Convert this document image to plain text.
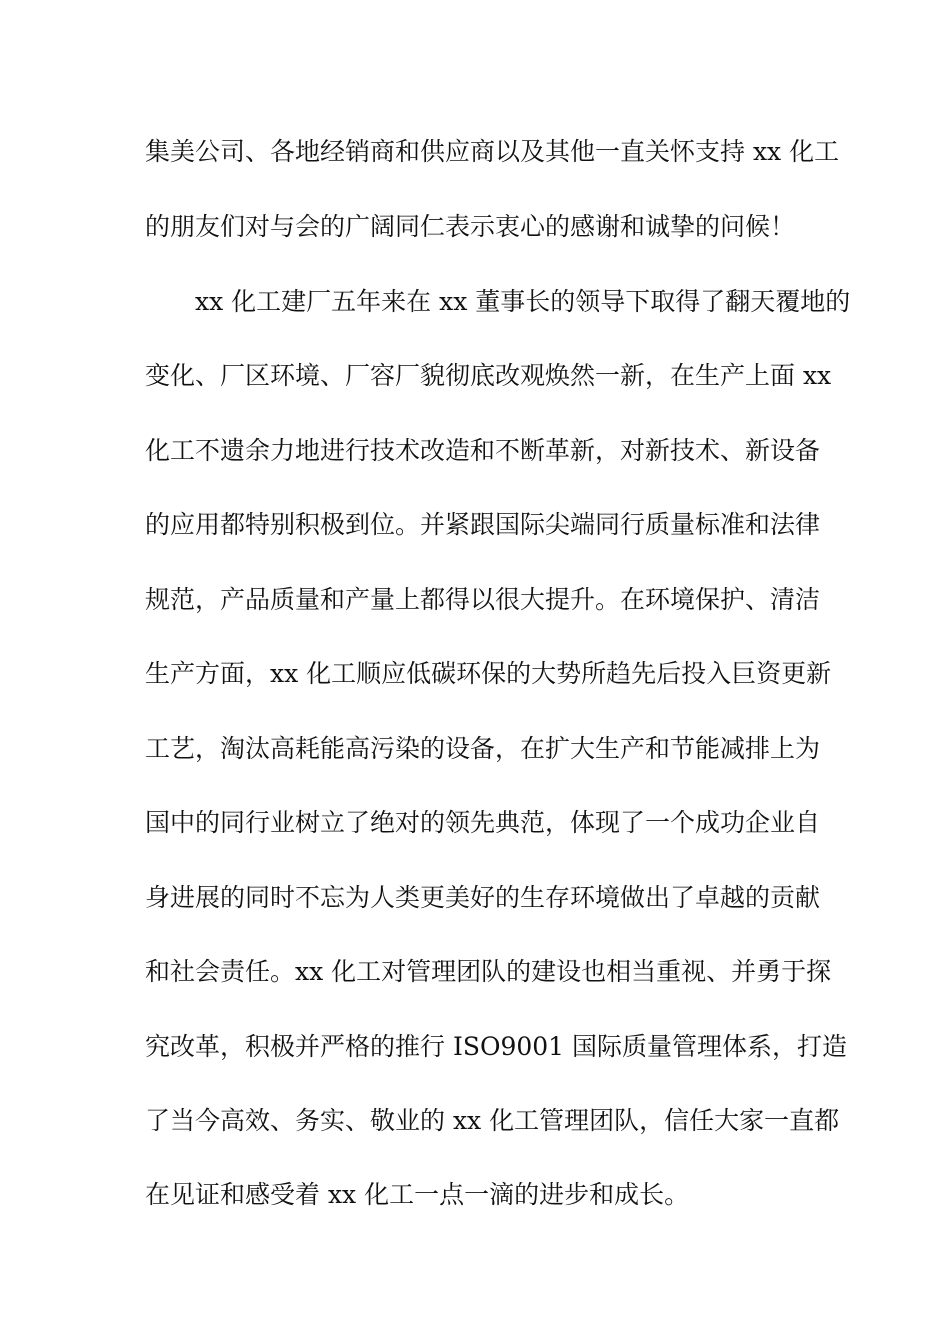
集美公司、各地经销商和供应商以及其他一直关怀支持 xx 化工
的朋友们对与会的广阔同仁表示衷心的感谢和诚挚的问候！
xx 化工建厂五年来在 xx 董事长的领导下取得了翻天覆地的
变化、厂区环境、厂容厂貌彻底改观焕然一新，在生产上面 xx
化工不遗余力地进行技术改造和不断革新，对新技术、新设备
的应用都特别积极到位。并紧跟国际尖端同行质量标准和法律
规范，产品质量和产量上都得以很大提升。在环境保护、清洁
生产方面，xx 化工顺应低碳环保的大势所趋先后投入巨资更新
工艺，淘汰高耗能高污染的设备，在扩大生产和节能减排上为
国中的同行业树立了绝对的领先典范，体现了一个成功企业自
身进展的同时不忘为人类更美好的生存环境做出了卓越的贡献
和社会责任。xx 化工对管理团队的建设也相当重视、并勇于探
究改革，积极并严格的推行 ISO9001 国际质量管理体系，打造
了当今高效、务实、敬业的 xx 化工管理团队，信任大家一直都
在见证和感受着 xx 化工一点一滴的进步和成长。
